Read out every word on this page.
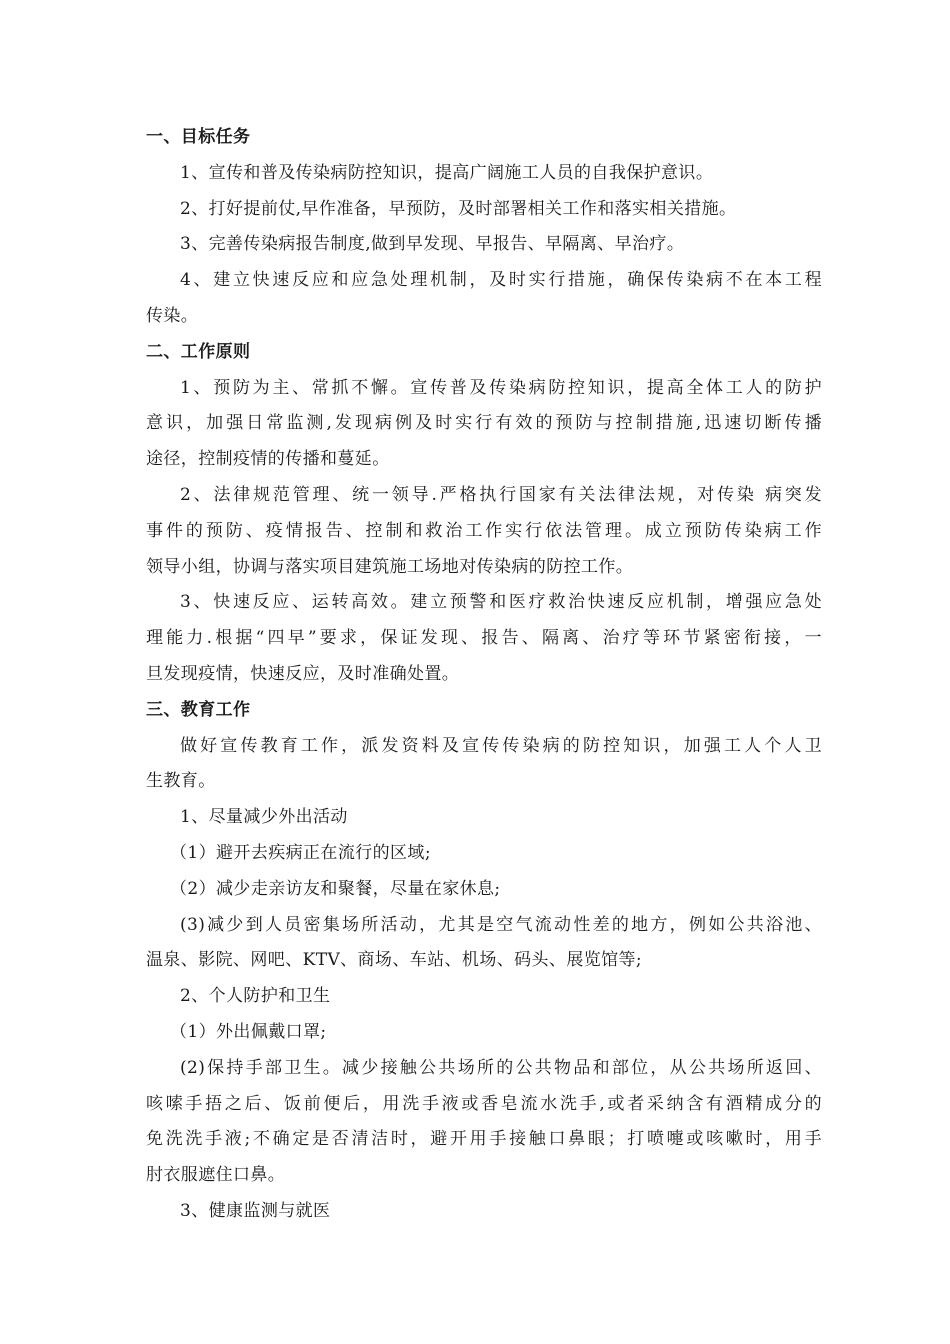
一、目标任务
1、宣传和普及传染病防控知识，提高广阔施工人员的自我保护意识。
2、打好提前仗,早作准备，早预防，及时部署相关工作和落实相关措施。
3、完善传染病报告制度,做到早发现、早报告、早隔离、早治疗。
4、建立快速反应和应急处理机制，及时实行措施，确保传染病不在本工程
传染。
二、工作原则
1、预防为主、常抓不懈。宣传普及传染病防控知识，提高全体工人的防护
意识，加强日常监测,发现病例及时实行有效的预防与控制措施,迅速切断传播
途径，控制疫情的传播和蔓延。
2、法律规范管理、统一领导.严格执行国家有关法律法规，对传染 病突发
事件的预防、疫情报告、控制和救治工作实行依法管理。成立预防传染病工作
领导小组，协调与落实项目建筑施工场地对传染病的防控工作。
3、快速反应、运转高效。建立预警和医疗救治快速反应机制，增强应急处
理能力.根据“四早”要求，保证发现、报告、隔离、治疗等环节紧密衔接，一
旦发现疫情，快速反应，及时准确处置。
三、教育工作
做好宣传教育工作，派发资料及宣传传染病的防控知识，加强工人个人卫
生教育。
1、尽量减少外出活动
（1）避开去疾病正在流行的区域;
（2）减少走亲访友和聚餐，尽量在家休息;
(3)减少到人员密集场所活动，尤其是空气流动性差的地方，例如公共浴池、
温泉、影院、网吧、KTV、商场、车站、机场、码头、展览馆等;
2、个人防护和卫生
（1）外出佩戴口罩;
(2)保持手部卫生。减少接触公共场所的公共物品和部位，从公共场所返回、
咳嗦手捂之后、饭前便后，用洗手液或香皂流水洗手,或者采纳含有酒精成分的
免洗洗手液;不确定是否清洁时，避开用手接触口鼻眼；打喷嚏或咳嗽时，用手
肘衣服遮住口鼻。
3、健康监测与就医
